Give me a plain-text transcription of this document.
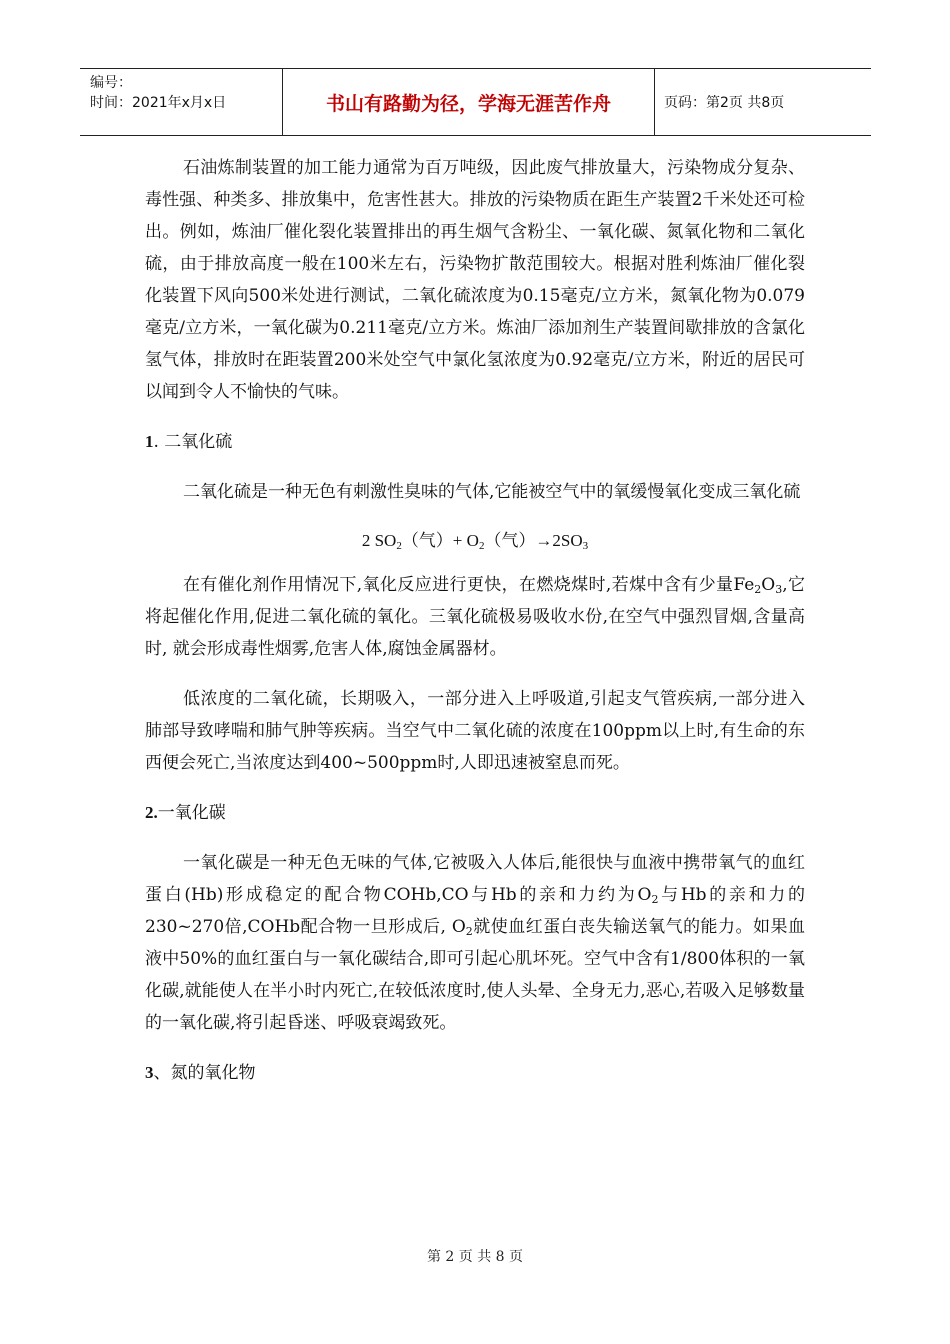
编号：
时间：2021年x月x日	书山有路勤为径，学海无涯苦作舟	页码：第2页 共8页

石油炼制装置的加工能力通常为百万吨级，因此废气排放量大，污染物成分复杂、毒性强、种类多、排放集中，危害性甚大。排放的污染物质在距生产装置2千米处还可检出。例如，炼油厂催化裂化装置排出的再生烟气含粉尘、一氧化碳、氮氧化物和二氧化硫，由于排放高度一般在100米左右，污染物扩散范围较大。根据对胜利炼油厂催化裂化装置下风向500米处进行测试，二氧化硫浓度为0.15毫克/立方米，氮氧化物为0.079毫克/立方米，一氧化碳为0.211毫克/立方米。炼油厂添加剂生产装置间歇排放的含氯化氢气体，排放时在距装置200米处空气中氯化氢浓度为0.92毫克/立方米，附近的居民可以闻到令人不愉快的气味。

1. 二氧化硫

二氧化硫是一种无色有刺激性臭味的气体,它能被空气中的氧缓慢氧化变成三氧化硫

2 $SO_2$（气）+ $O_2$（气）$\to 2SO_3$

在有催化剂作用情况下,氧化反应进行更快，在燃烧煤时,若煤中含有少量$Fe_2O_3$,它将起催化作用,促进二氧化硫的氧化。三氧化硫极易吸收水份,在空气中强烈冒烟,含量高时, 就会形成毒性烟雾,危害人体,腐蚀金属器材。

低浓度的二氧化硫，长期吸入，一部分进入上呼吸道,引起支气管疾病,一部分进入肺部导致哮喘和肺气肿等疾病。当空气中二氧化硫的浓度在100ppm以上时,有生命的东西便会死亡,当浓度达到400~500ppm时,人即迅速被窒息而死。

2.一氧化碳

一氧化碳是一种无色无味的气体,它被吸入人体后,能很快与血液中携带氧气的血红蛋白(Hb)形成稳定的配合物COHb,CO与Hb的亲和力约为$O_2$与Hb的亲和力的230~270倍,COHb配合物一旦形成后, $O_2$就使血红蛋白丧失输送氧气的能力。如果血液中50%的血红蛋白与一氧化碳结合,即可引起心肌坏死。空气中含有1/800体积的一氧化碳,就能使人在半小时内死亡,在较低浓度时,使人头晕、全身无力,恶心,若吸入足够数量的一氧化碳,将引起昏迷、呼吸衰竭致死。

3、氮的氧化物
第 2 页 共 8 页
